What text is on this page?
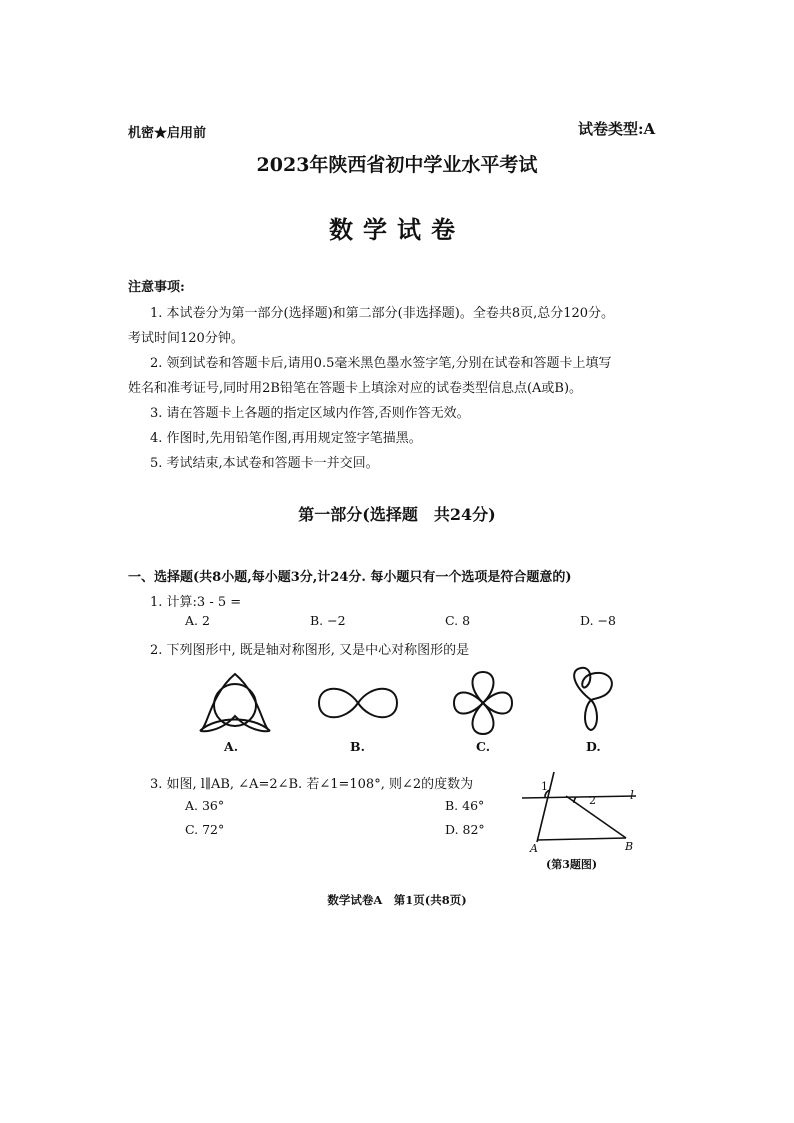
机密★启用前	试卷类型:A
2023年陕西省初中学业水平考试
数学试卷
注意事项:
1. 本试卷分为第一部分(选择题)和第二部分(非选择题)。全卷共8页,总分120分。
考试时间120分钟。
2. 领到试卷和答题卡后,请用0.5毫米黑色墨水签字笔,分别在试卷和答题卡上填写
姓名和准考证号,同时用2B铅笔在答题卡上填涂对应的试卷类型信息点(A或B)。
3. 请在答题卡上各题的指定区域内作答,否则作答无效。
4. 作图时,先用铅笔作图,再用规定签字笔描黑。
5. 考试结束,本试卷和答题卡一并交回。
第一部分(选择题　共24分)
一、选择题(共8小题,每小题3分,计24分. 每小题只有一个选项是符合题意的)
1. 计算:3 - 5 =
A. 2	B. −2	C. 8	D. −8
2. 下列图形中, 既是轴对称图形, 又是中心对称图形的是
A.	B.	C.	D.
3. 如图, l∥AB, ∠A=2∠B. 若∠1=108°, 则∠2的度数为
A. 36°	B. 46°
C. 72°	D. 82°
1
2	l
A	B
(第3题图)
数学试卷A　第1页(共8页)
